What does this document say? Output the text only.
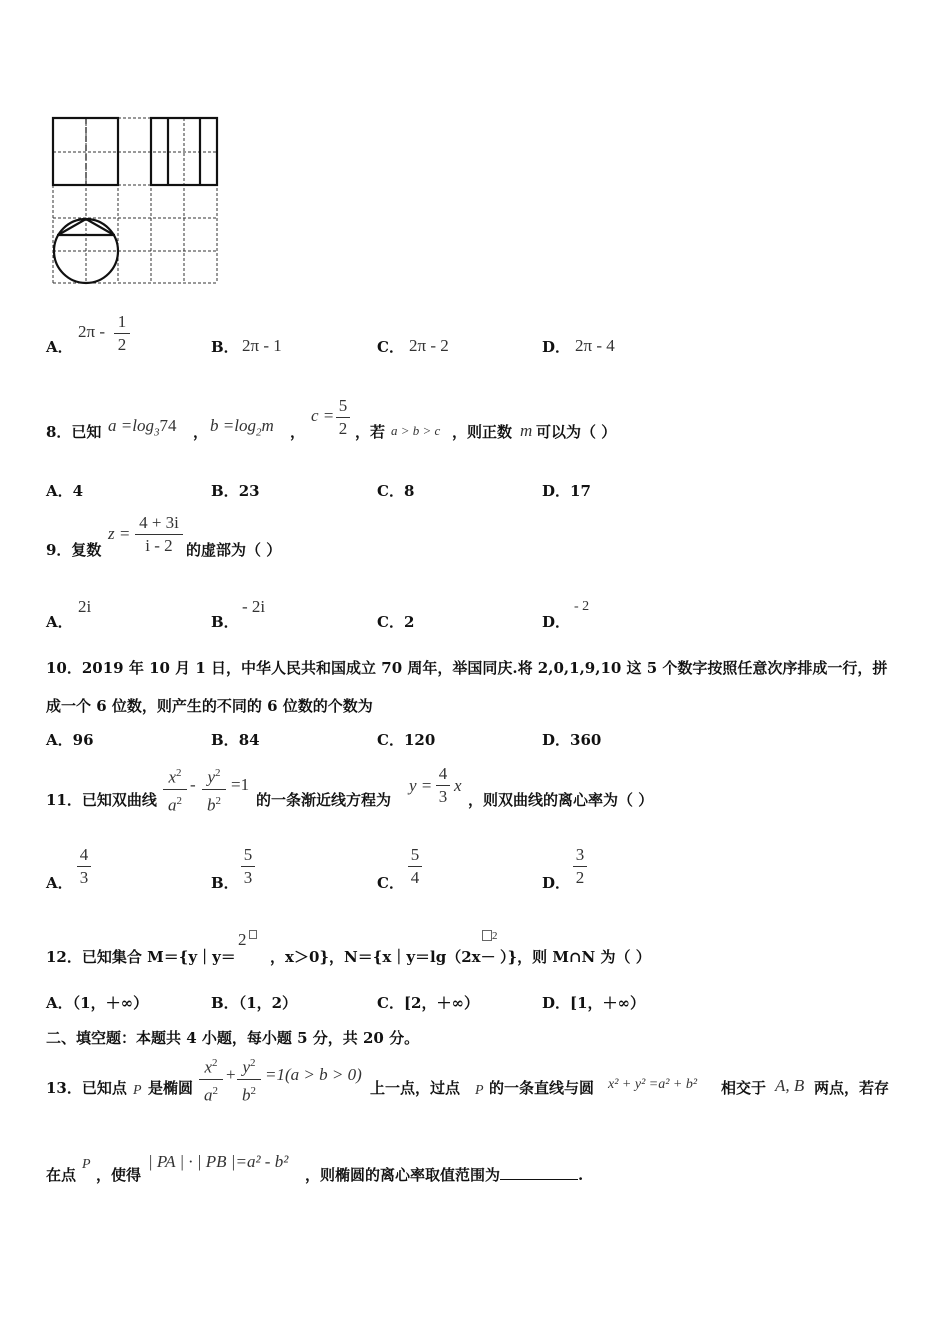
A．
2π -
1
2	B． 2π - 1	C． 2π - 2	D． 2π - 4
8．已知 $a =\log_374$ ， $b =\log_2m$ ，
c =
5
2 ，若 a > b > c ，则正数 m 可以为（ ）
A．4	B．23	C．8	D．17
9．复数
z =
4 + 3i
i - 2 的虚部为（ ）
A．
2i
B．
- 2i
C．2	D．
- 2
10．2019 年 10 月 1 日，中华人民共和国成立 70 周年，举国同庆.将 2,0,1,9,10 这 5 个数字按照任意次序排成一行，拼
成一个 6 位数，则产生的不同的 6 位数的个数为
A．96	B．84	C．120	D．360
11．已知双曲线
$x^2$
$a^2$
- $y^2$
$b^2$
=1
的一条渐近线方程为
y =
4
3
x
，则双曲线的离心率为（ ）
A．
4
3	B．
5
3	C．
5
4	D．
3
2
12．已知集合 M＝{y｜y＝
2
，x＞0}，N＝{x｜y＝lg（2x－
$^2$
）}，则 M∩N 为（ ）
A．（1，＋∞）	B．（1，2）	C．[2，＋∞）	D．[1，＋∞）
二、填空题：本题共 4 小题，每小题 5 分，共 20 分。
13．已知点 P 是椭圆
$x^2$
$a^2$
+ $y^2$
$b^2$
=1(a > b > 0)
上一点，过点 P 的一条直线与圆 x² + y² =a² + b² 相交于 A, B 两点，若存
在点
P
，使得
| PA | · | PB |=a² - b²
，则椭圆的离心率取值范围为	.
